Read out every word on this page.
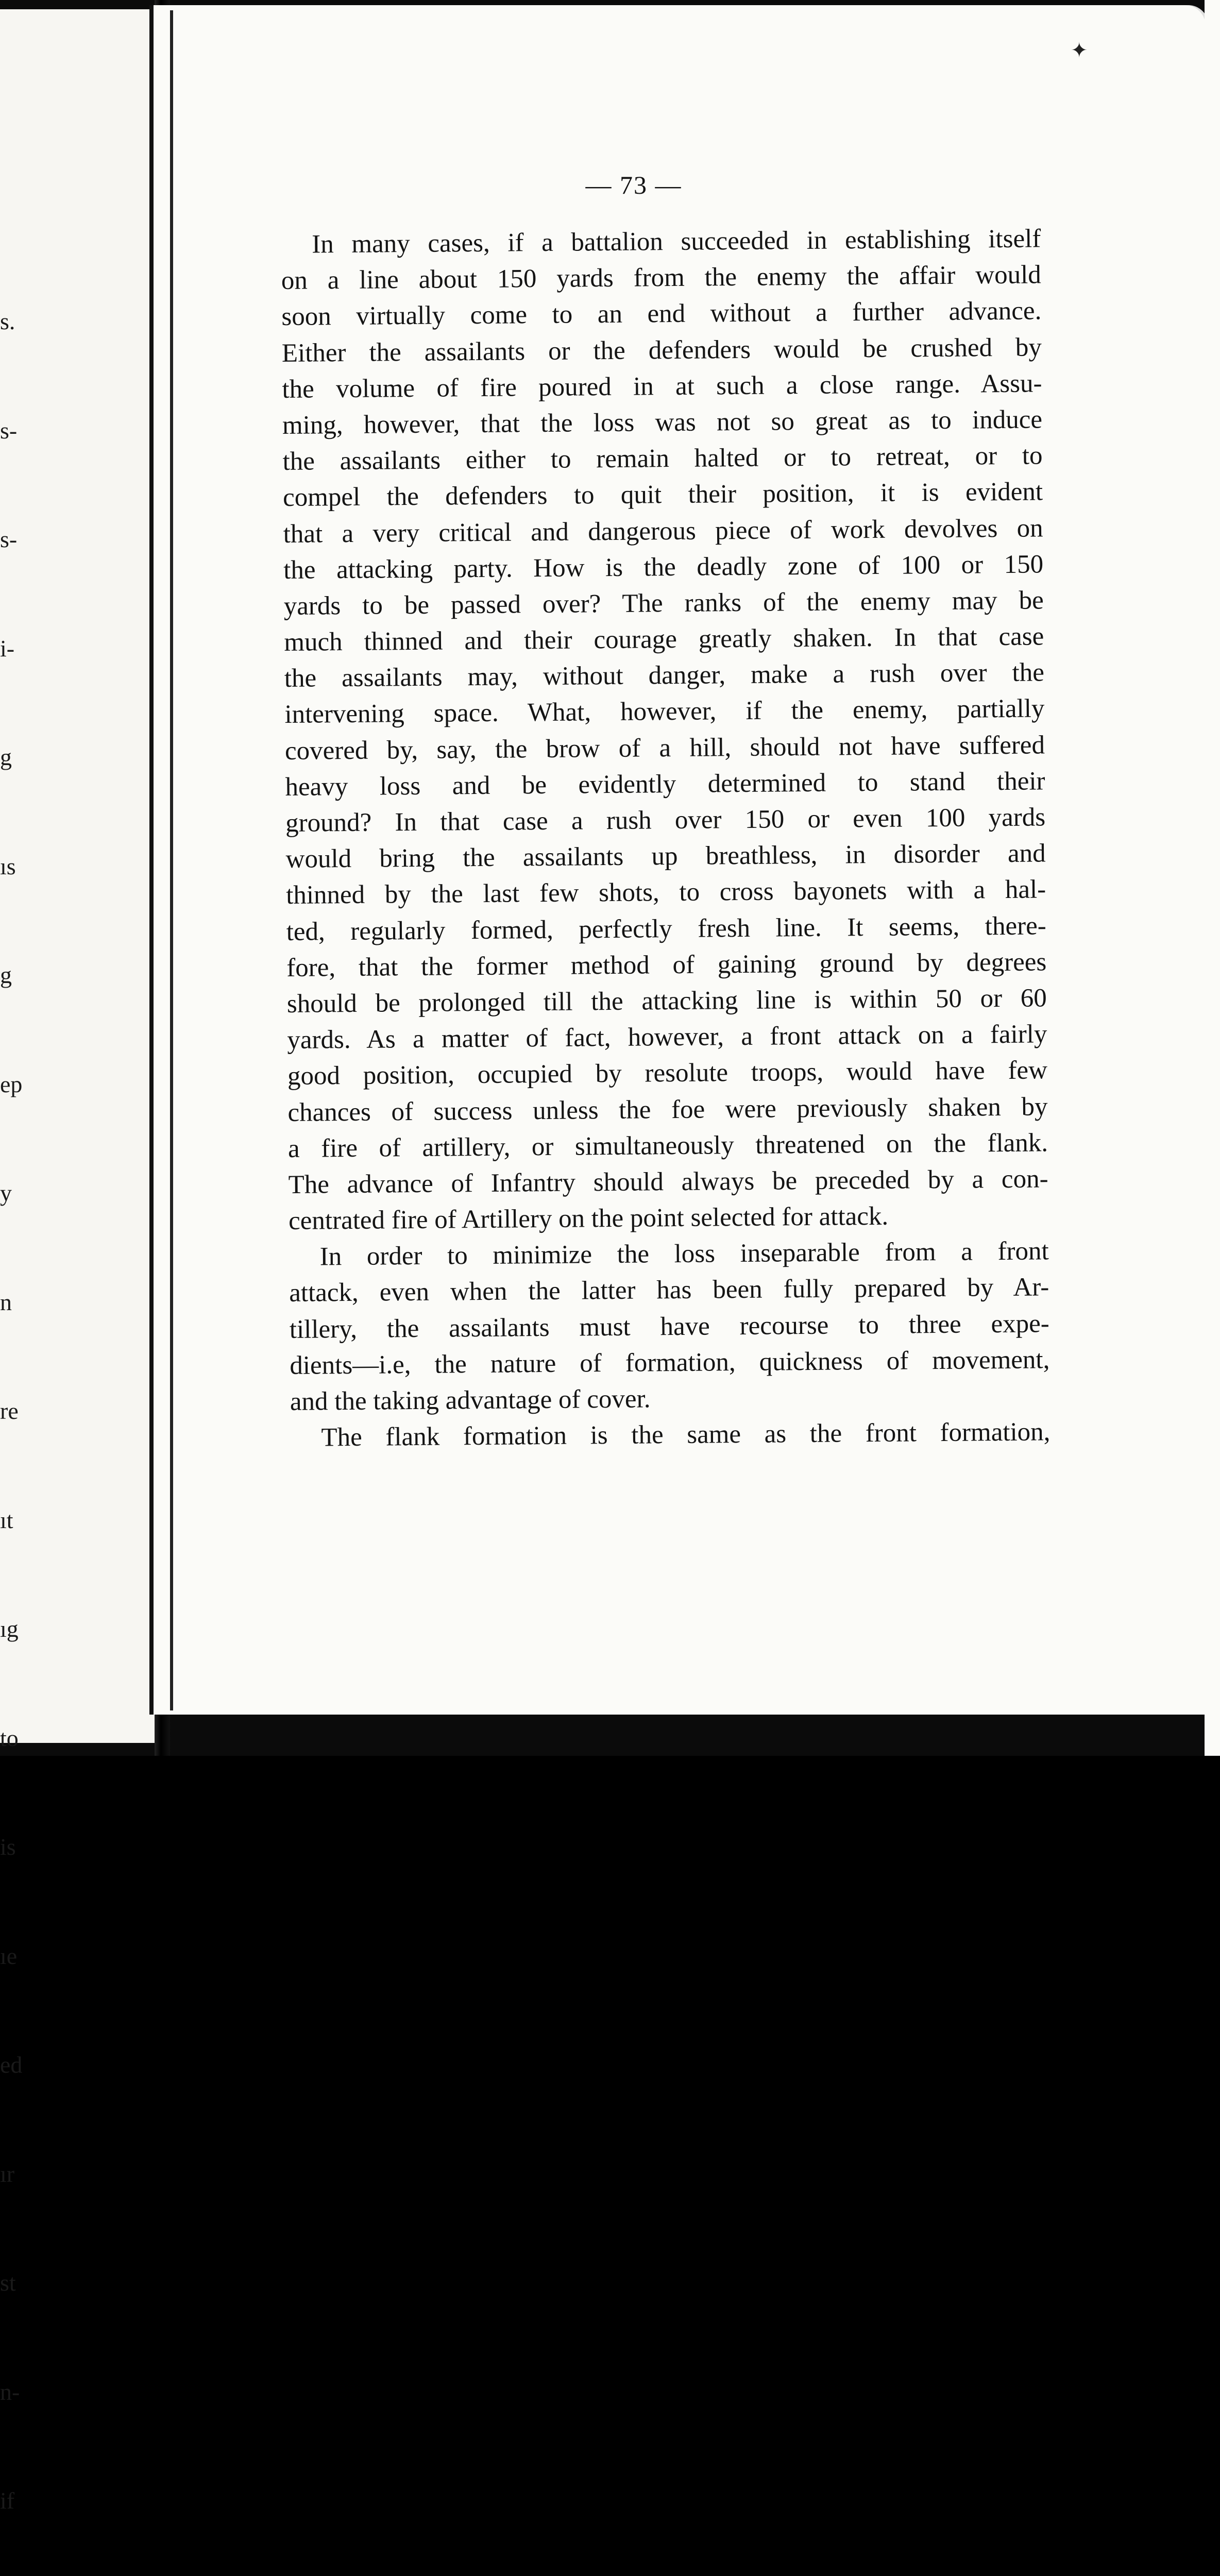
s.

s-

s-

i-

g

ıs

g

ep

y

n

re

ıt

ıg

to

is

ıe

ed

ır

st

n-

if

✦
— 73 —
In many cases, if a battalion succeeded in establishing itself
on a line about 150 yards from the enemy the affair would
soon virtually come to an end without a further advance.
Either the assailants or the defenders would be crushed by
the volume of fire poured in at such a close range. Assu-
ming, however, that the loss was not so great as to induce
the assailants either to remain halted or to retreat, or to
compel the defenders to quit their position, it is evident
that a very critical and dangerous piece of work devolves on
the attacking party. How is the deadly zone of 100 or 150
yards to be passed over? The ranks of the enemy may be
much thinned and their courage greatly shaken. In that case
the assailants may, without danger, make a rush over the
intervening space. What, however, if the enemy, partially
covered by, say, the brow of a hill, should not have suffered
heavy loss and be evidently determined to stand their
ground? In that case a rush over 150 or even 100 yards
would bring the assailants up breathless, in disorder and
thinned by the last few shots, to cross bayonets with a hal-
ted, regularly formed, perfectly fresh line. It seems, there-
fore, that the former method of gaining ground by degrees
should be prolonged till the attacking line is within 50 or 60
yards. As a matter of fact, however, a front attack on a fairly
good position, occupied by resolute troops, would have few
chances of success unless the foe were previously shaken by
a fire of artillery, or simultaneously threatened on the flank.
The advance of Infantry should always be preceded by a con-
centrated fire of Artillery on the point selected for attack.
In order to minimize the loss inseparable from a front
attack, even when the latter has been fully prepared by Ar-
tillery, the assailants must have recourse to three expe-
dients—i.e, the nature of formation, quickness of movement,
and the taking advantage of cover.
The flank formation is the same as the front formation,
